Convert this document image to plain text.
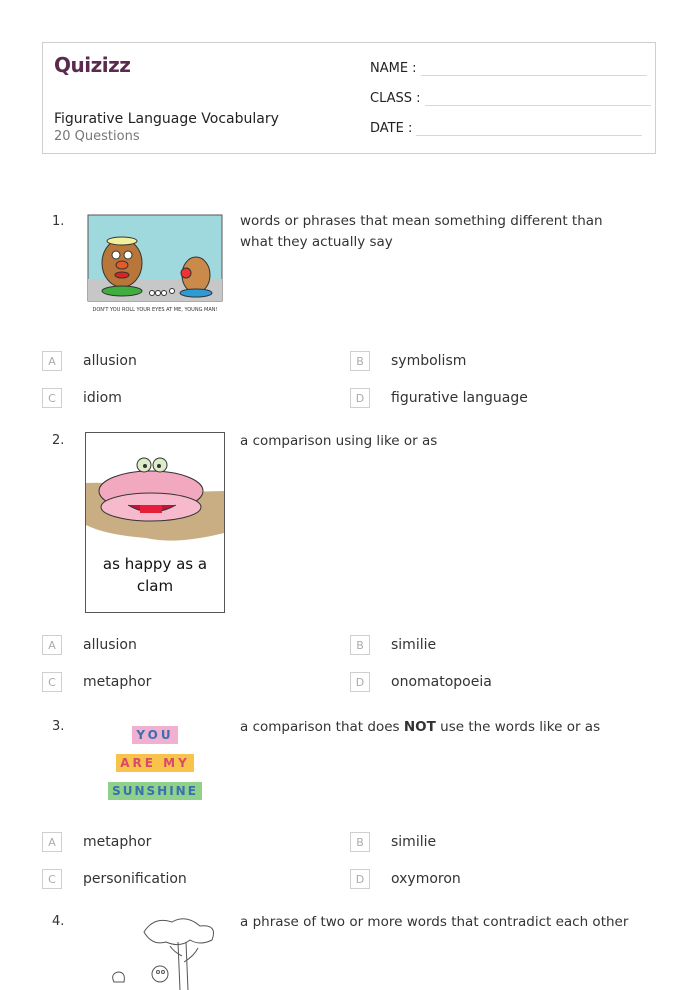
Quizizz
Figurative Language Vocabulary
20 Questions
NAME :
CLASS :
DATE :
1.
DON'T YOU ROLL YOUR EYES AT ME, YOUNG MAN!
words or phrases that mean something different than what they actually say
A	allusion	B	symbolism
C	idiom	D	figurative language
2.
as happy as a clam
a comparison using like or as
A	allusion	B	similie
C	metaphor	D	onomatopoeia
3.
YOU
ARE MY
SUNSHINE
a comparison that does NOT use the words like or as
A	metaphor	B	similie
C	personification	D	oxymoron
4.	a phrase of two or more words that contradict each other
